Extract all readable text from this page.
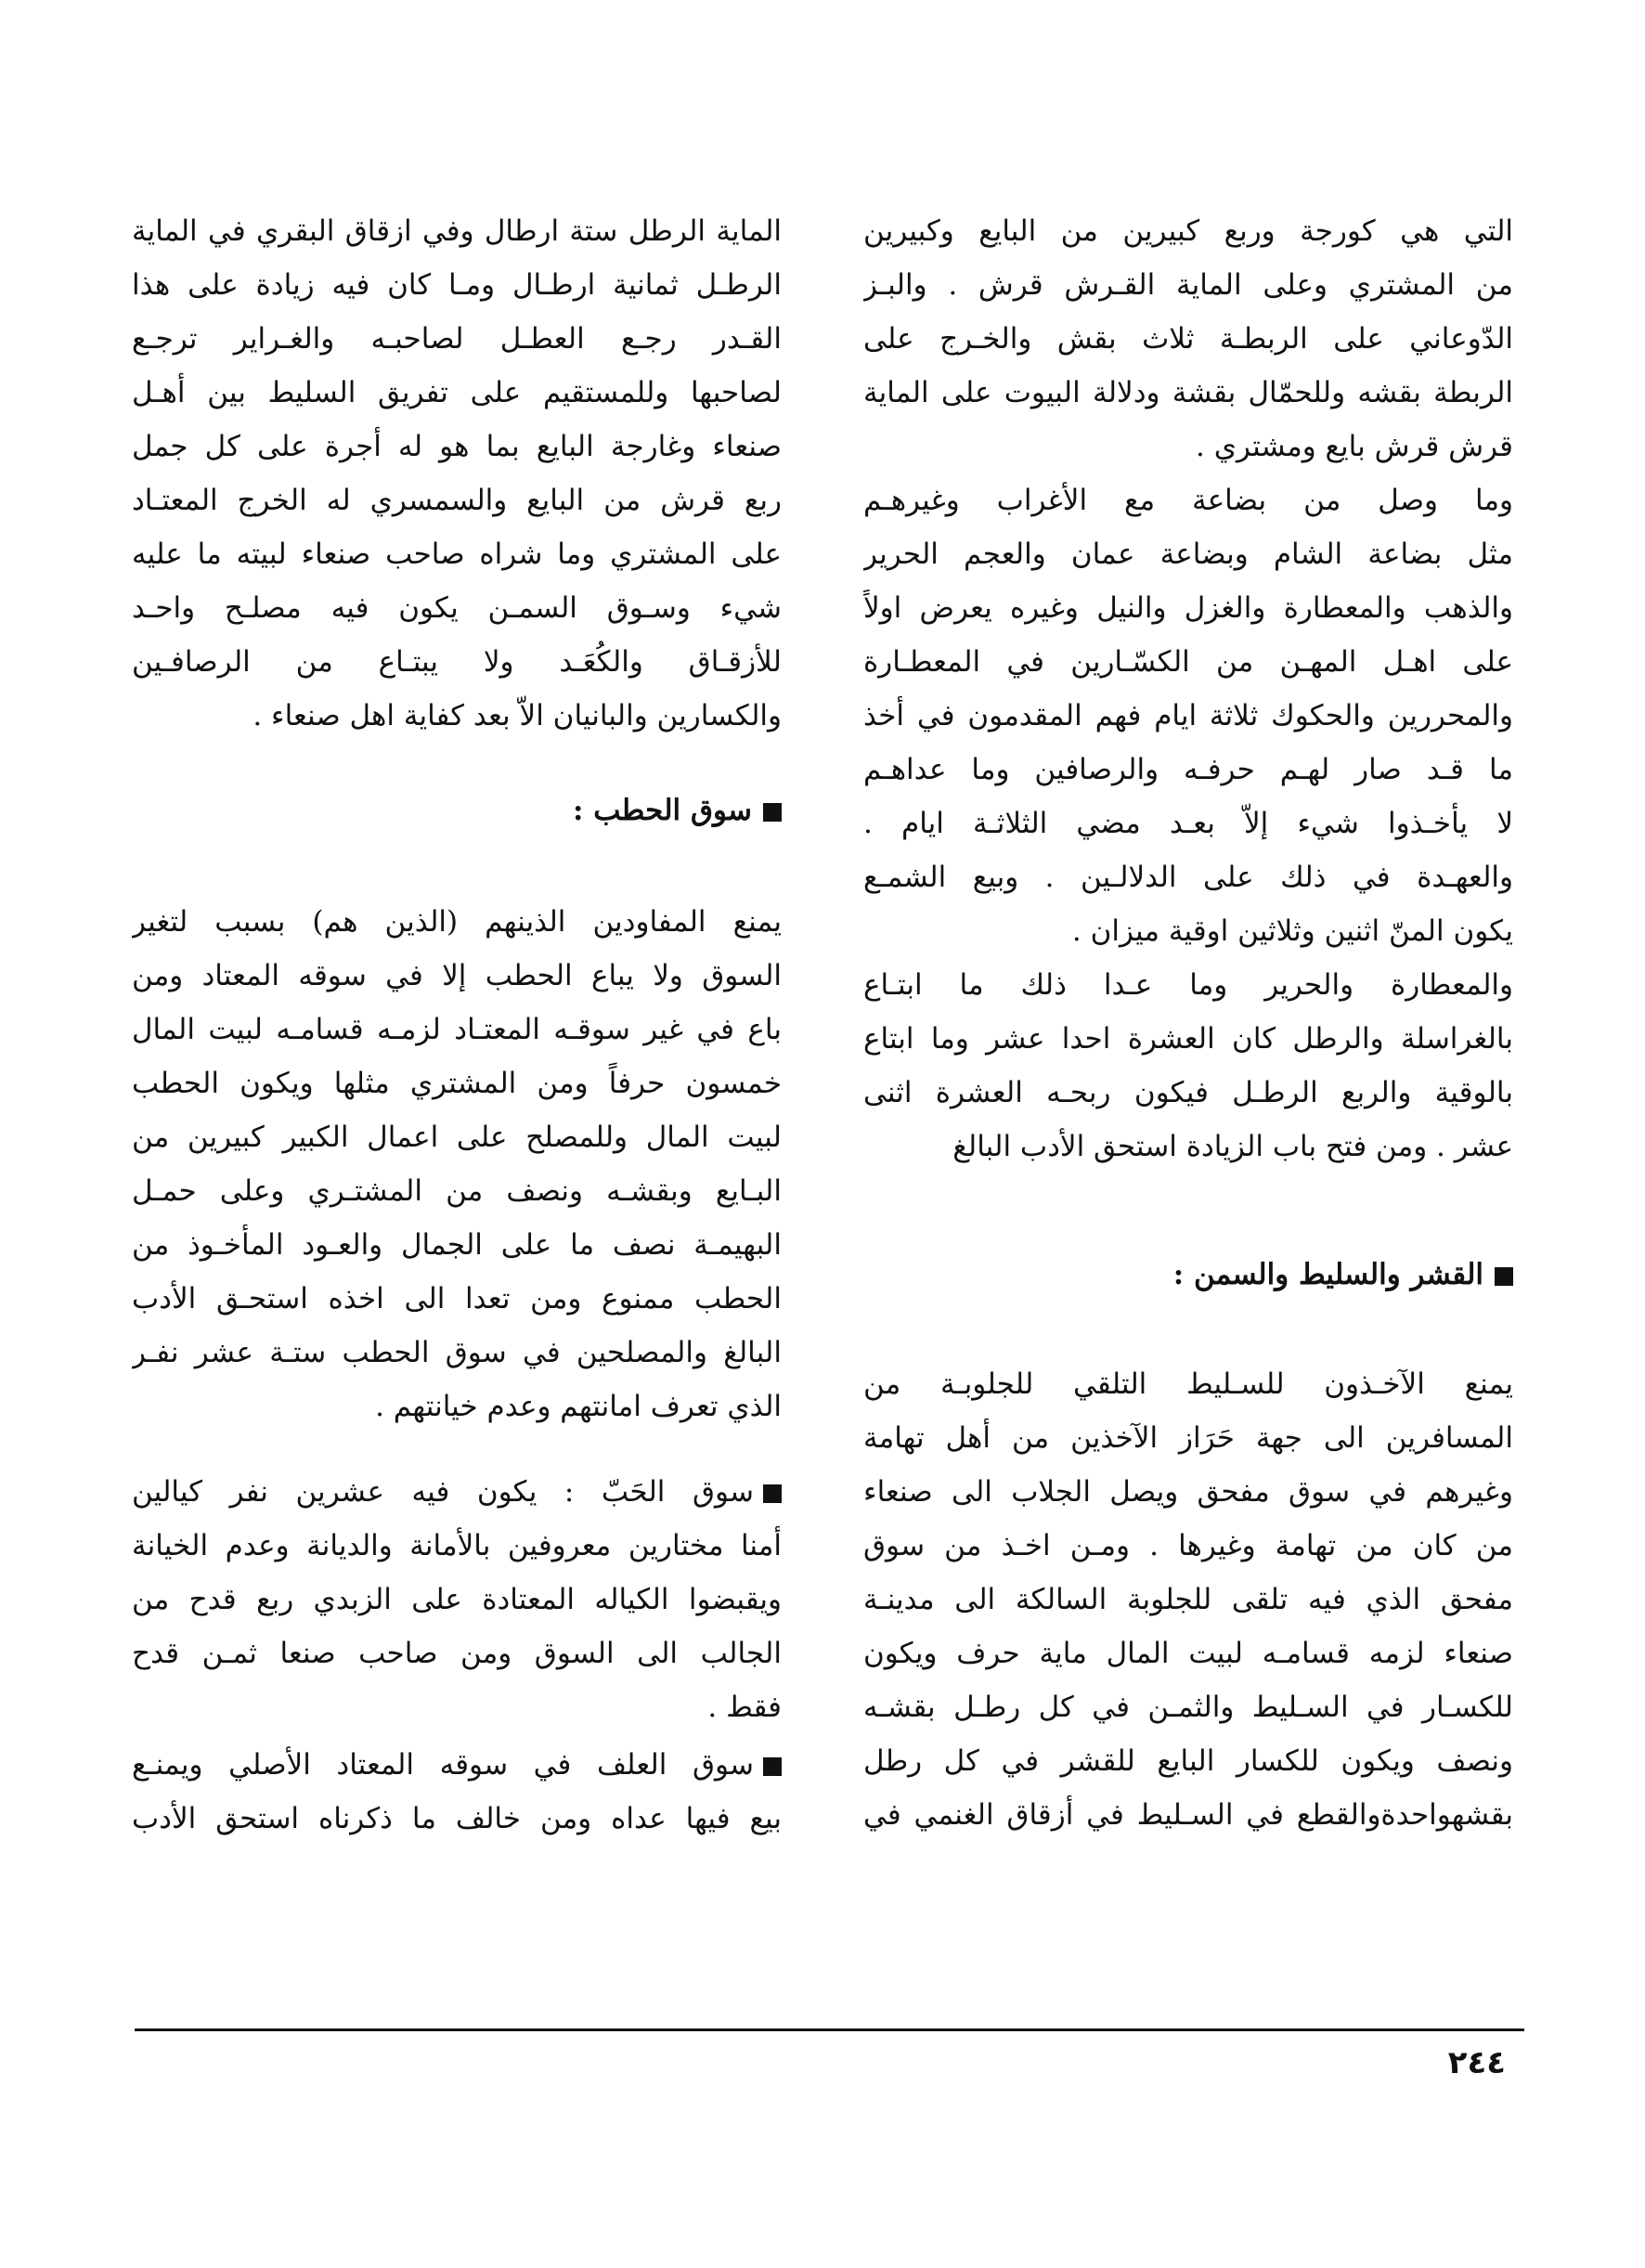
التي هي كورجة وربع كبيرين من البايع وكبيرين
من المشتري وعلى الماية القـرش قرش . والبـز
الدّوعاني على الربطـة ثلاث بقش والخـرج على
الربطة بقشه وللحمّال بقشة ودلالة البيوت على الماية
قرش قرش بايع ومشتري .
وما وصل من بضاعة مع الأغراب وغيرهـم
مثل بضاعة الشام وبضاعة عمان والعجم الحرير
والذهب والمعطارة والغزل والنيل وغيره يعرض اولاً
على اهـل المهـن من الكسّـارين في المعطـارة
والمحررين والحكوك ثلاثة ايام فهم المقدمون في أخذ
ما قـد صار لهـم حرفـه والرصافين وما عداهـم
لا يأخـذوا شيء إلاّ بعـد مضي الثلاثـة ايام .
والعهـدة في ذلك على الدلالـين . وبيع الشمـع
يكون المنّ اثنين وثلاثين اوقية ميزان .
والمعطارة والحرير وما عـدا ذلك ما ابتـاع
بالغراسلة والرطل كان العشرة احدا عشر وما ابتاع
بالوقية والربع الرطـل فيكون ربحـه العشرة اثنى
عشر . ومن فتح باب الزيادة استحق الأدب البالغ
القشر والسليط والسمن :
يمنع الآخـذون للسـليط التلقي للجلوبـة من
المسافرين الى جهة حَرَاز الآخذين من أهل تهامة
وغيرهم في سوق مفحق ويصل الجلاب الى صنعاء
من كان من تهامة وغيرها . ومـن اخـذ من سوق
مفحق الذي فيه تلقى للجلوبة السالكة الى مدينـة
صنعاء لزمه قسامـه لبيت المال ماية حرف ويكون
للكسـار في السـليط والثمـن في كل رطـل بقشـه
ونصف ويكون للكسار البايع للقشر في كل رطل
بقشهواحدةوالقطع في السـليط في أزقاق الغنمي في
الماية الرطل ستة ارطال وفي ازقاق البقري في الماية
الرطـل ثمانية ارطـال ومـا كان فيه زيادة على هذا
القـدر رجـع العطـل لصاحبـه والغـراير ترجـع
لصاحبها وللمستقيم على تفريق السليط بين أهـل
صنعاء وغارجة البايع بما هو له أجرة على كل جمل
ربع قرش من البايع والسمسري له الخرج المعتـاد
على المشتري وما شراه صاحب صنعاء لبيته ما عليه
شيء وسـوق السمـن يكون فيه مصلـح واحـد
للأزقـاق والكُعَـد ولا يبتـاع من الرصافـين
والكسارين والبانيان الاّ بعد كفاية اهل صنعاء .
سوق الحطب :
يمنع المفاودين الذينهم (الذين هم) بسبب لتغير
السوق ولا يباع الحطب إلا في سوقه المعتاد ومن
باع في غير سوقـه المعتـاد لزمـه قسامـه لبيت المال
خمسون حرفاً ومن المشتري مثلها ويكون الحطب
لبيت المال وللمصلح على اعمال الكبير كبيرين من
البـايع وبقشـه ونصف من المشتـري وعلى حمـل
البهيمـة نصف ما على الجمال والعـود المأخـوذ من
الحطب ممنوع ومن تعدا الى اخذه استحـق الأدب
البالغ والمصلحين في سوق الحطب ستـة عشر نفـر
الذي تعرف امانتهم وعدم خيانتهم .
سوق الحَبّ : يكون فيه عشرين نفر كيالين
أمنا مختارين معروفين بالأمانة والديانة وعدم الخيانة
ويقبضوا الكياله المعتادة على الزبدي ربع قدح من
الجالب الى السوق ومن صاحب صنعا ثمـن قدح
فقط .
سوق العلف في سوقه المعتاد الأصلي ويمنـع
بيع فيها عداه ومن خالف ما ذكرناه استحق الأدب
٢٤٤
